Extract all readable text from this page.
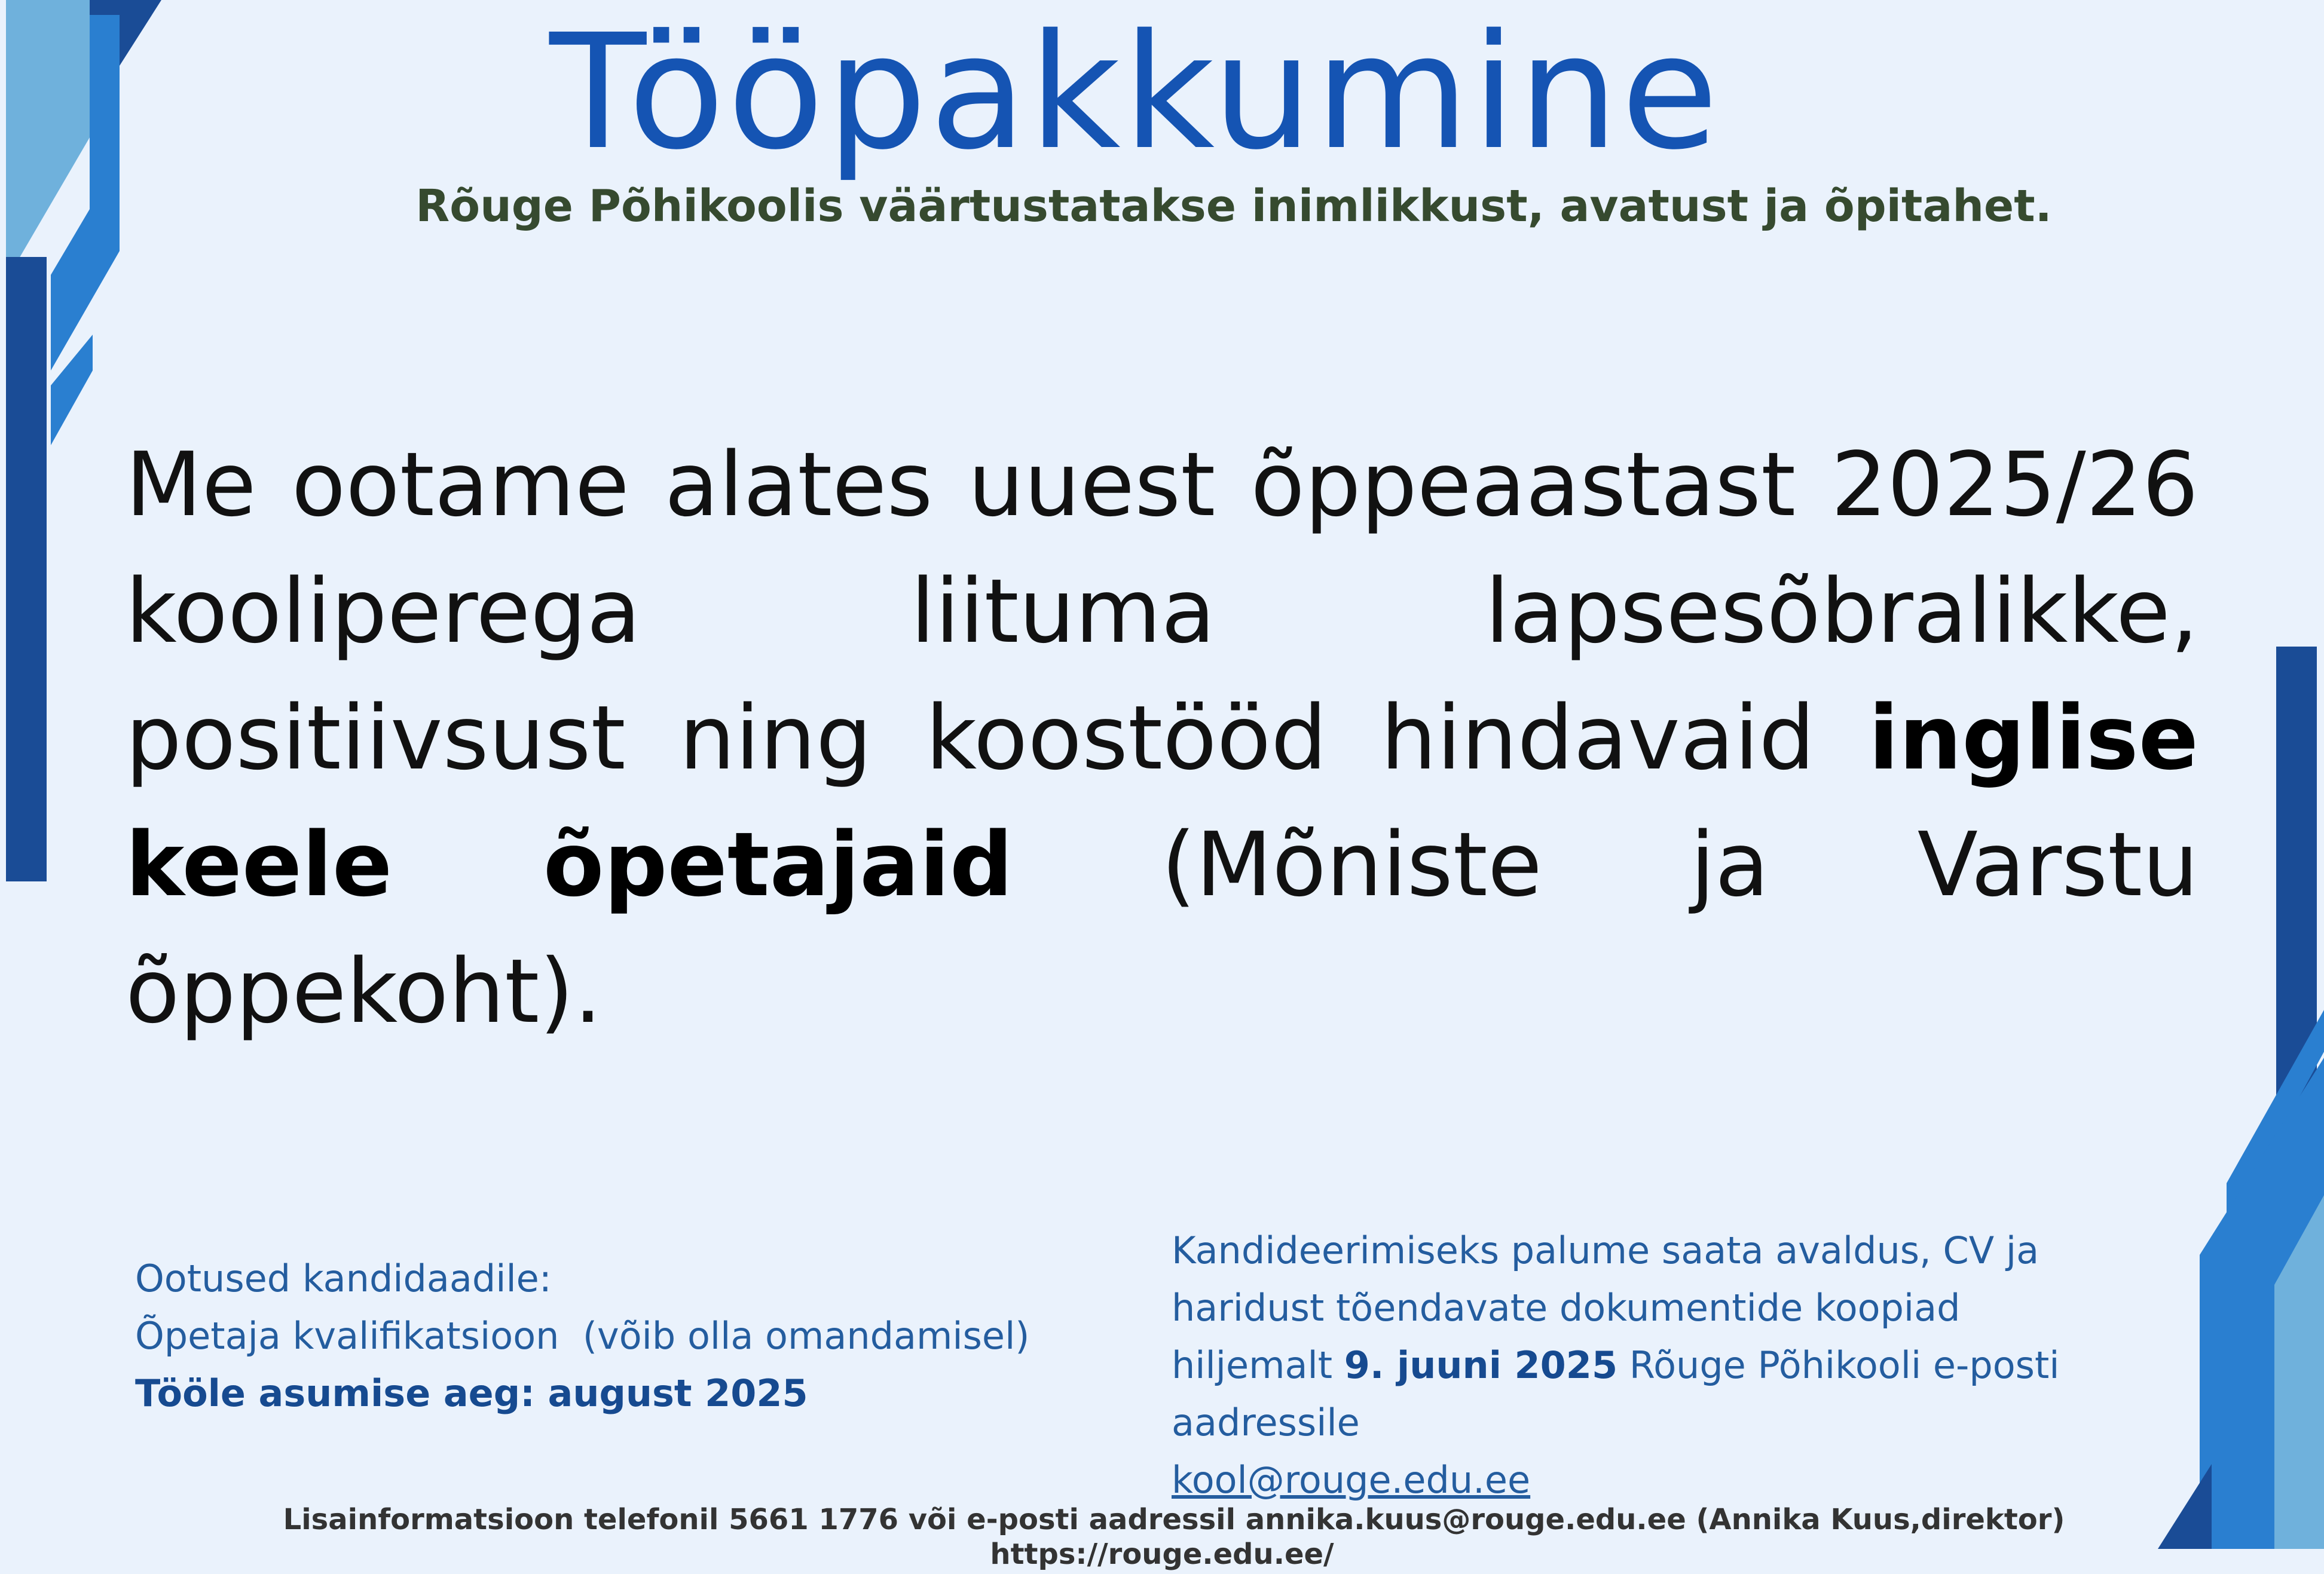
Tööpakkumine
Rõuge Põhikoolis väärtustatakse inimlikkust, avatust ja õpitahet.
Me ootame alates uuest õppeaastast 2025/26 kooliperega liituma lapsesõbralikke, positiivsust ning koostööd hindavaid inglise keele õpetajaid (Mõniste ja Varstu õppekoht).
Ootused kandidaadile:
Õpetaja kvalifikatsioon  (võib olla omandamisel)
Tööle asumise aeg: august 2025
Kandideerimiseks palume saata avaldus, CV ja haridust tõendavate dokumentide koopiad hiljemalt 9. juuni 2025 Rõuge Põhikooli e-posti aadressile
kool@rouge.edu.ee
Lisainformatsioon telefonil 5661 1776 või e-posti aadressil annika.kuus@rouge.edu.ee (Annika Kuus,direktor)
https://rouge.edu.ee/
